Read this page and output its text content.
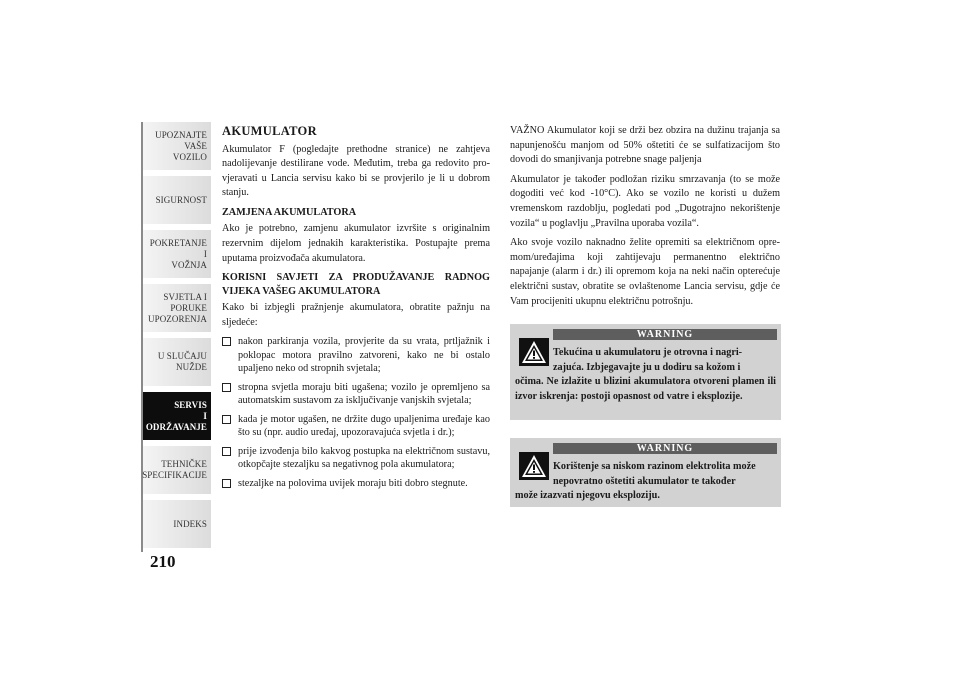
UPOZNAJTE
VAŠE
VOZILO
SIGURNOST
POKRETANJE
I
VOŽNJA
SVJETLA I
PORUKE
UPOZORENJA
U SLUČAJU
NUŽDE
SERVIS
I
ODRŽAVANJE
TEHNIČKE
SPECIFIKACIJE
INDEKS
210
AKUMULATOR

Akumulator F (pogledajte prethodne stranice) ne zahtjeva nadolijevanje destilirane vode. Međutim, treba ga redovito pro-vjeravati u Lancia servisu kako bi se provjerilo je li u dobrom stanju.

ZAMJENA AKUMULATORA

Ako je potrebno, zamjenu akumulator izvršite s originalnim rezervnim dijelom jednakih karakteristika. Postupajte prema uputama proizvođača akumulatora.

KORISNI SAVJETI ZA PRODUŽAVANJE RADNOG VIJEKA VAŠEG AKUMULATORA

Kako bi izbjegli pražnjenje akumulatora, obratite pažnju na sljedeće:

nakon parkiranja vozila, provjerite da su vrata, prtljažnik i poklopac motora pravilno zatvoreni, kako ne bi ostalo upaljeno neko od stropnih svjetala;
stropna svjetla moraju biti ugašena; vozilo je opremljeno sa automatskim sustavom za isključivanje vanjskih svjetala;
kada je motor ugašen, ne držite dugo upaljenima uređaje kao što su (npr. audio uređaj, upozoravajuća svjetla i dr.);
prije izvođenja bilo kakvog postupka na električnom sustavu, otkopčajte stezaljku sa negativnog pola akumulatora;
stezaljke na polovima uvijek moraju biti dobro stegnute.

VAŽNO Akumulator koji se drži bez obzira na dužinu trajanja sa napunjenošću manjom od 50% oštetiti će se sulfatizacijom što dovodi do smanjivanja potrebne snage paljenja

Akumulator je također podložan riziku smrzavanja (to se može dogoditi već kod -10°C). Ako se vozilo ne koristi u dužem vremenskom razdoblju, pogledati pod „Dugotrajno nekorištenje vozila“ u poglavlju „Pravilna uporaba vozila“.

Ako svoje vozilo naknadno želite opremiti sa električnom opre-mom/uređajima koji zahtijevaju permanentno električno napajanje (alarm i dr.) ili opremom koja na neki način opterećuje električni sustav, obratite se ovlaštenome Lancia servisu, gdje će Vam procijeniti ukupnu električnu potrošnju.

WARNING
Tekućina u akumulatoru je otrovna i nagri-
zajuća. Izbjegavajte ju u dodiru sa kožom i
očima. Ne izlažite u blizini akumulatora otvoreni plamen ili izvor iskrenja: postoji opasnost od vatre i eksplozije.
WARNING
Korištenje sa niskom razinom elektrolita može
nepovratno oštetiti akumulator te također
može izazvati njegovu eksploziju.
